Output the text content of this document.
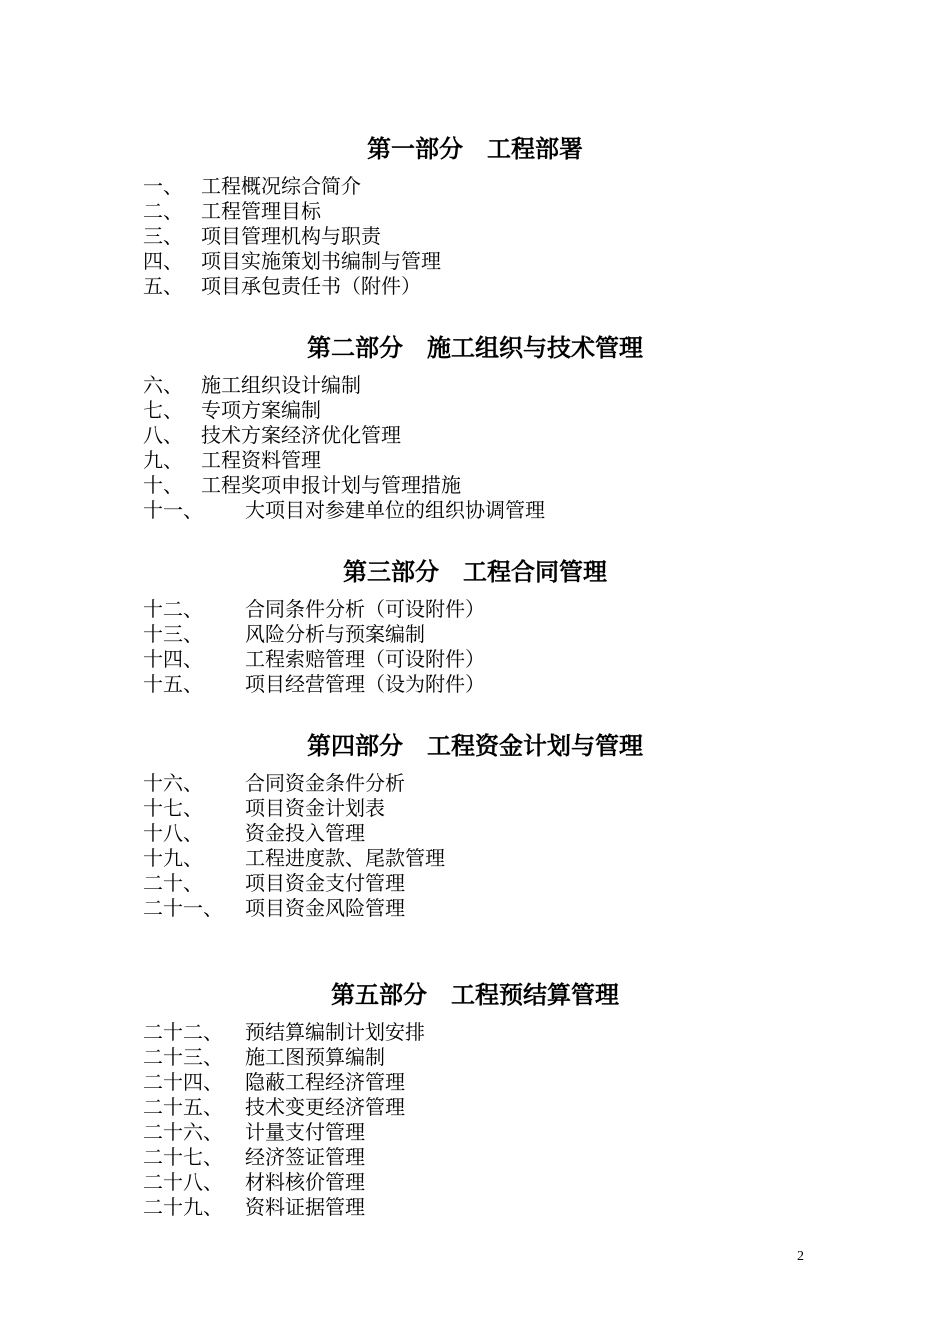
第一部分　工程部署
一、 工程概况综合简介
二、 工程管理目标
三、 项目管理机构与职责
四、 项目实施策划书编制与管理
五、 项目承包责任书（附件）
第二部分　施工组织与技术管理
六、 施工组织设计编制
七、 专项方案编制
八、 技术方案经济优化管理
九、 工程资料管理
十、 工程奖项申报计划与管理措施
十一、 大项目对参建单位的组织协调管理
第三部分　工程合同管理
十二、 合同条件分析（可设附件）
十三、 风险分析与预案编制
十四、 工程索赔管理（可设附件）
十五、 项目经营管理（设为附件）
第四部分　工程资金计划与管理
十六、 合同资金条件分析
十七、 项目资金计划表
十八、 资金投入管理
十九、 工程进度款、尾款管理
二十、 项目资金支付管理
二十一、 项目资金风险管理
第五部分　工程预结算管理
二十二、 预结算编制计划安排
二十三、 施工图预算编制
二十四、 隐蔽工程经济管理
二十五、 技术变更经济管理
二十六、 计量支付管理
二十七、 经济签证管理
二十八、 材料核价管理
二十九、 资料证据管理
2
